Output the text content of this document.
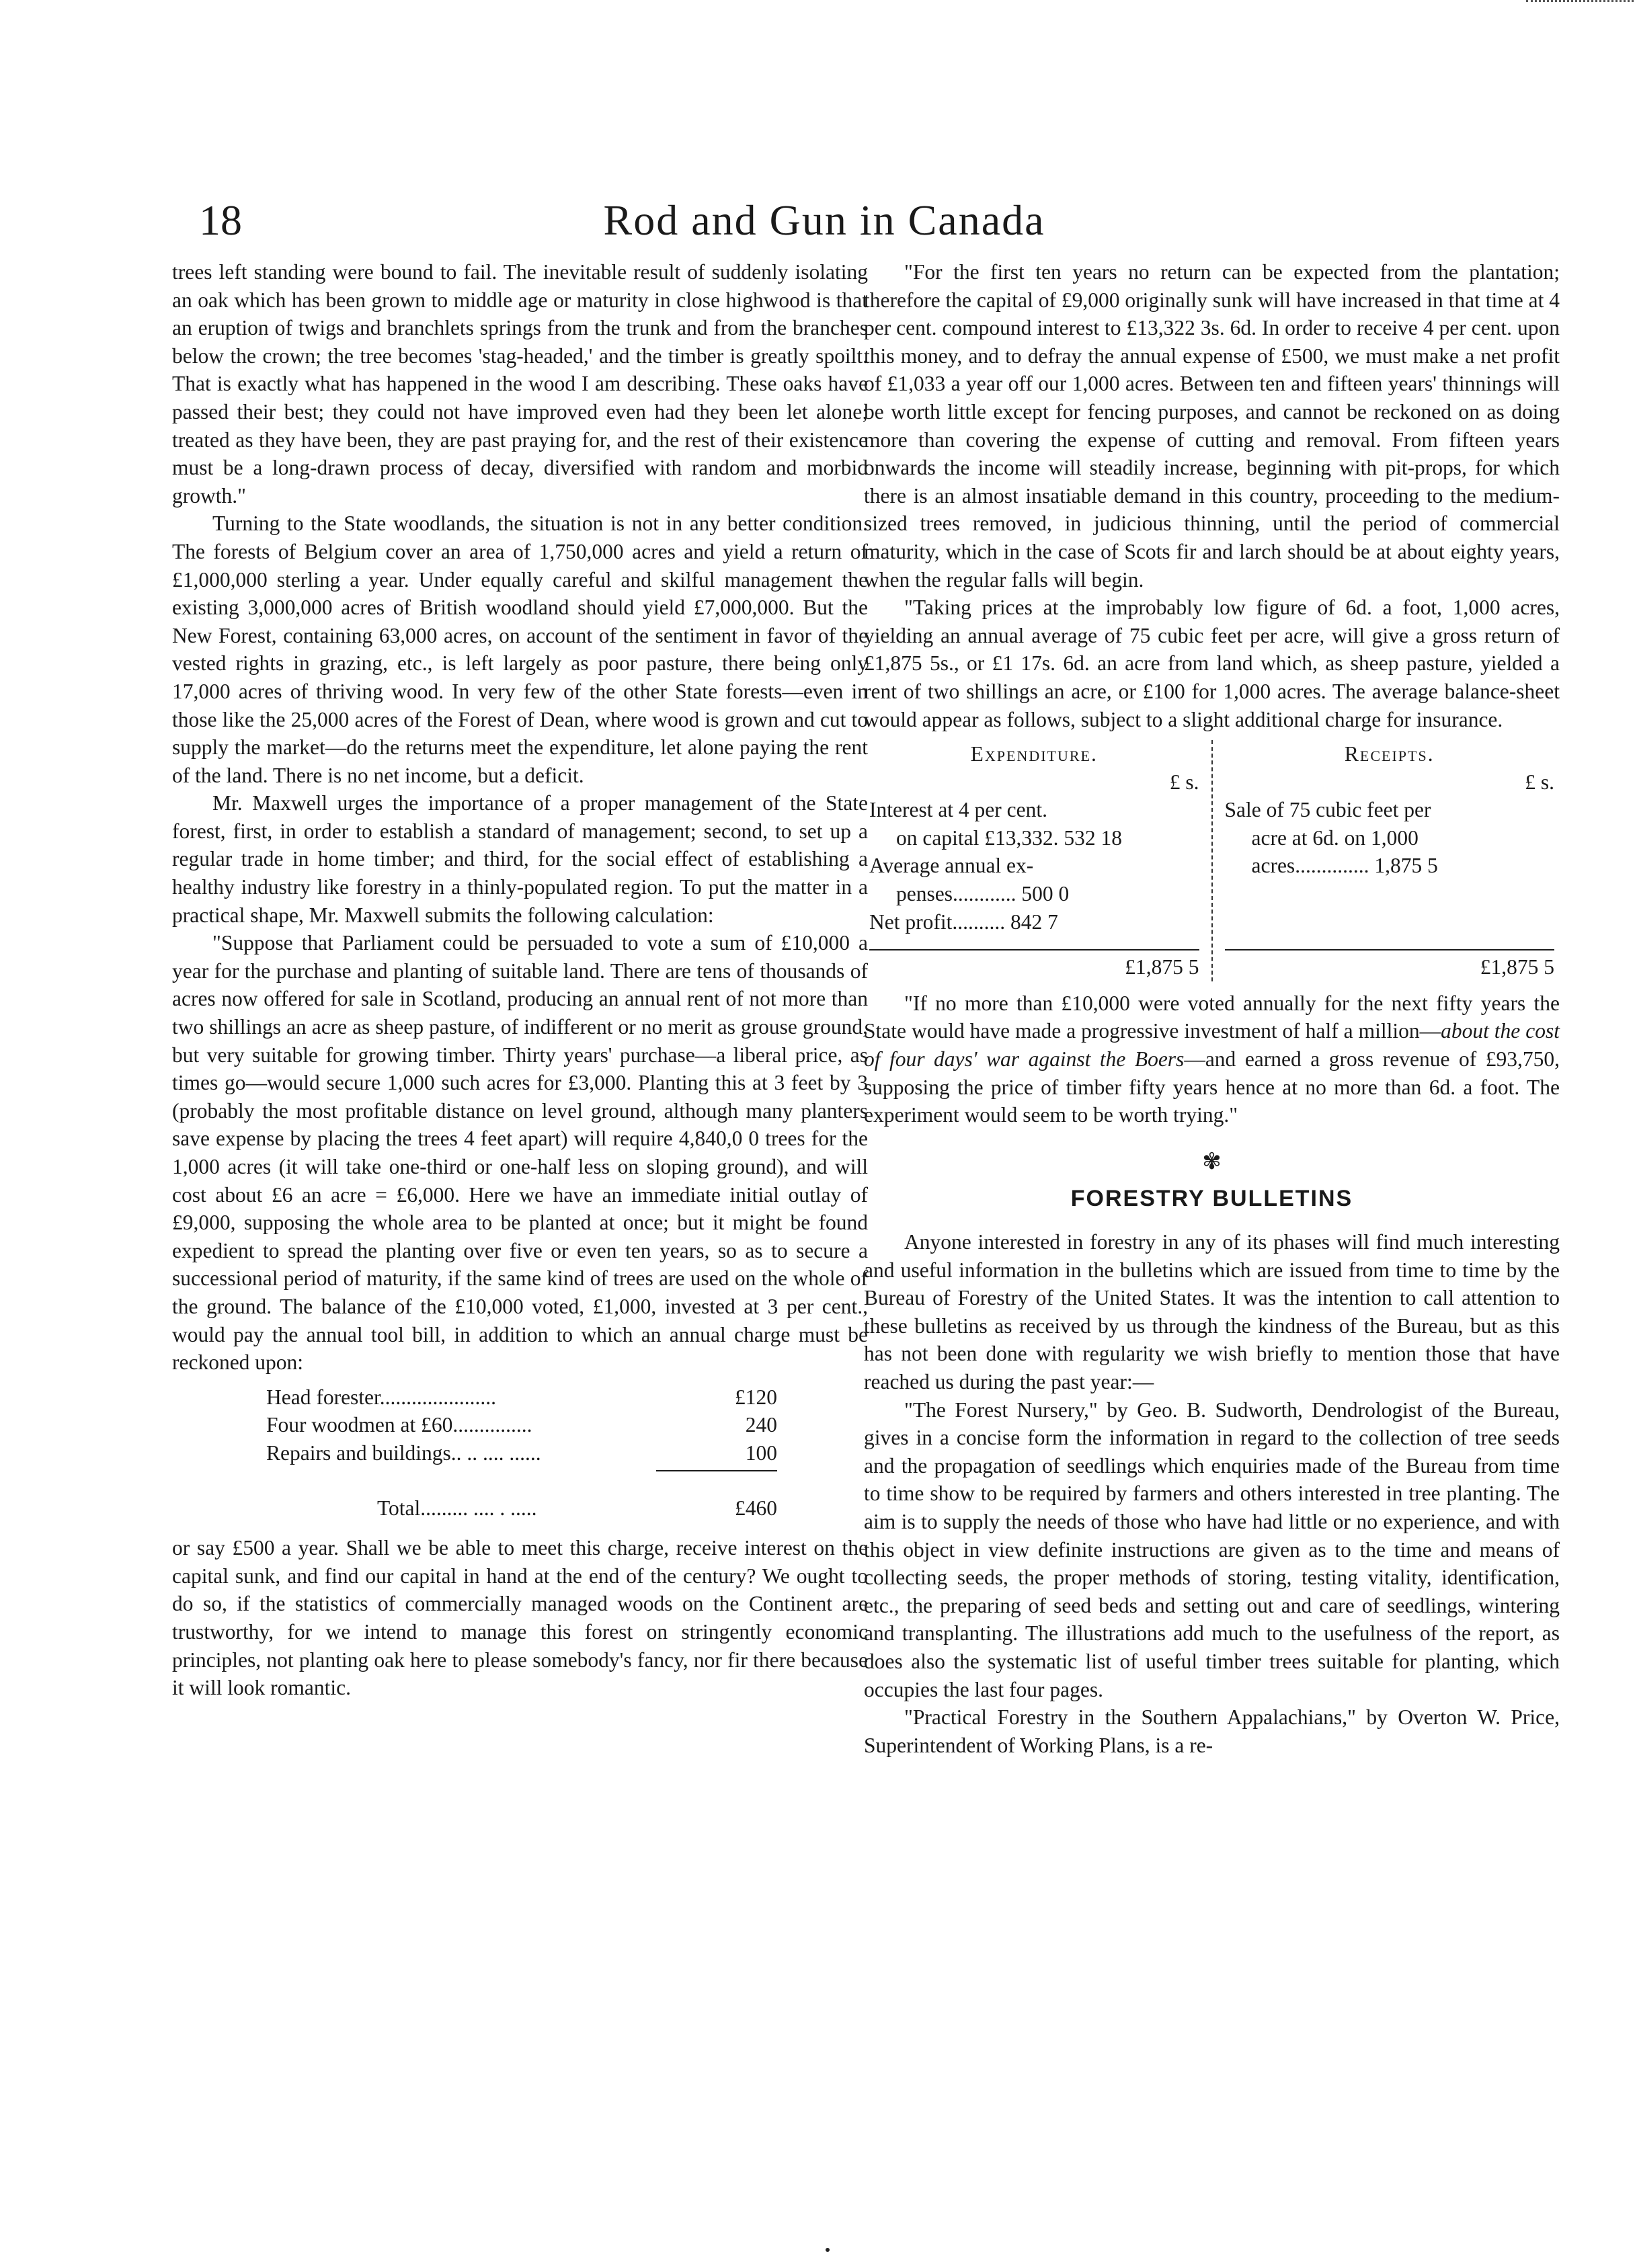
18	Rod and Gun in Canada

trees left standing were bound to fail. The inevitable result of suddenly isolating an oak which has been grown to middle age or maturity in close highwood is that an eruption of twigs and branchlets springs from the trunk and from the branches below the crown; the tree becomes 'stag-headed,' and the timber is greatly spoilt. That is exactly what has happened in the wood I am describing. These oaks have passed their best; they could not have improved even had they been let alone; treated as they have been, they are past praying for, and the rest of their existence must be a long-drawn process of decay, diversified with random and morbid growth."

Turning to the State woodlands, the situation is not in any better condition. The forests of Belgium cover an area of 1,750,000 acres and yield a return of £1,000,000 sterling a year. Under equally careful and skilful management the existing 3,000,000 acres of British woodland should yield £7,000,000. But the New Forest, containing 63,000 acres, on account of the sentiment in favor of the vested rights in grazing, etc., is left largely as poor pasture, there being only 17,000 acres of thriving wood. In very few of the other State forests—even in those like the 25,000 acres of the Forest of Dean, where wood is grown and cut to supply the market—do the returns meet the expenditure, let alone paying the rent of the land. There is no net income, but a deficit.

Mr. Maxwell urges the importance of a proper management of the State forest, first, in order to establish a standard of management; second, to set up a regular trade in home timber; and third, for the social effect of establishing a healthy industry like forestry in a thinly-populated region. To put the matter in a practical shape, Mr. Maxwell submits the following calculation:

"Suppose that Parliament could be persuaded to vote a sum of £10,000 a year for the purchase and planting of suitable land. There are tens of thousands of acres now offered for sale in Scotland, producing an annual rent of not more than two shillings an acre as sheep pasture, of indifferent or no merit as grouse ground, but very suitable for growing timber. Thirty years' purchase—a liberal price, as times go—would secure 1,000 such acres for £3,000. Planting this at 3 feet by 3 (probably the most profitable distance on level ground, although many planters save expense by placing the trees 4 feet apart) will require 4,840,0 0 trees for the 1,000 acres (it will take one-third or one-half less on sloping ground), and will cost about £6 an acre = £6,000. Here we have an immediate initial outlay of £9,000, supposing the whole area to be planted at once; but it might be found expedient to spread the planting over five or even ten years, so as to secure a successional period of maturity, if the same kind of trees are used on the whole of the ground. The balance of the £10,000 voted, £1,000, invested at 3 per cent., would pay the annual tool bill, in addition to which an annual charge must be reckoned upon:

Head forester......................	£120
Four woodmen at £60...............	240
Repairs and buildings.. .. .... ......	100
Total......... .... . .....	£460

or say £500 a year. Shall we be able to meet this charge, receive interest on the capital sunk, and find our capital in hand at the end of the century? We ought to do so, if the statistics of commercially managed woods on the Continent are trustworthy, for we intend to manage this forest on stringently economic principles, not planting oak here to please somebody's fancy, nor fir there because it will look romantic.

"For the first ten years no return can be expected from the plantation; therefore the capital of £9,000 originally sunk will have increased in that time at 4 per cent. compound interest to £13,322 3s. 6d. In order to receive 4 per cent. upon this money, and to defray the annual expense of £500, we must make a net profit of £1,033 a year off our 1,000 acres. Between ten and fifteen years' thinnings will be worth little except for fencing purposes, and cannot be reckoned on as doing more than covering the expense of cutting and removal. From fifteen years onwards the income will steadily increase, beginning with pit-props, for which there is an almost insatiable demand in this country, proceeding to the medium-sized trees removed, in judicious thinning, until the period of commercial maturity, which in the case of Scots fir and larch should be at about eighty years, when the regular falls will begin.

"Taking prices at the improbably low figure of 6d. a foot, 1,000 acres, yielding an annual average of 75 cubic feet per acre, will give a gross return of £1,875 5s., or £1 17s. 6d. an acre from land which, as sheep pasture, yielded a rent of two shillings an acre, or £100 for 1,000 acres. The average balance-sheet would appear as follows, subject to a slight additional charge for insurance.

Expenditure.
£ s.
Interest at 4 per cent.
on capital £13,332. 532 18
Average annual ex-
penses............ 500 0
Net profit.......... 842 7
£1,875 5
Receipts.
£ s.
Sale of 75 cubic feet per
acre at 6d. on 1,000
acres.............. 1,875 5
£1,875 5

"If no more than £10,000 were voted annually for the next fifty years the State would have made a progressive investment of half a million—about the cost of four days' war against the Boers—and earned a gross revenue of £93,750, supposing the price of timber fifty years hence at no more than 6d. a foot. The experiment would seem to be worth trying."

✾
FORESTRY BULLETINS

Anyone interested in forestry in any of its phases will find much interesting and useful information in the bulletins which are issued from time to time by the Bureau of Forestry of the United States. It was the intention to call attention to these bulletins as received by us through the kindness of the Bureau, but as this has not been done with regularity we wish briefly to mention those that have reached us during the past year:—

"The Forest Nursery," by Geo. B. Sudworth, Dendrologist of the Bureau, gives in a concise form the information in regard to the collection of tree seeds and the propagation of seedlings which enquiries made of the Bureau from time to time show to be required by farmers and others interested in tree planting. The aim is to supply the needs of those who have had little or no experience, and with this object in view definite instructions are given as to the time and means of collecting seeds, the proper methods of storing, testing vitality, identification, etc., the preparing of seed beds and setting out and care of seedlings, wintering and transplanting. The illustrations add much to the usefulness of the report, as does also the systematic list of useful timber trees suitable for planting, which occupies the last four pages.

"Practical Forestry in the Southern Appalachians," by Overton W. Price, Superintendent of Working Plans, is a re-
